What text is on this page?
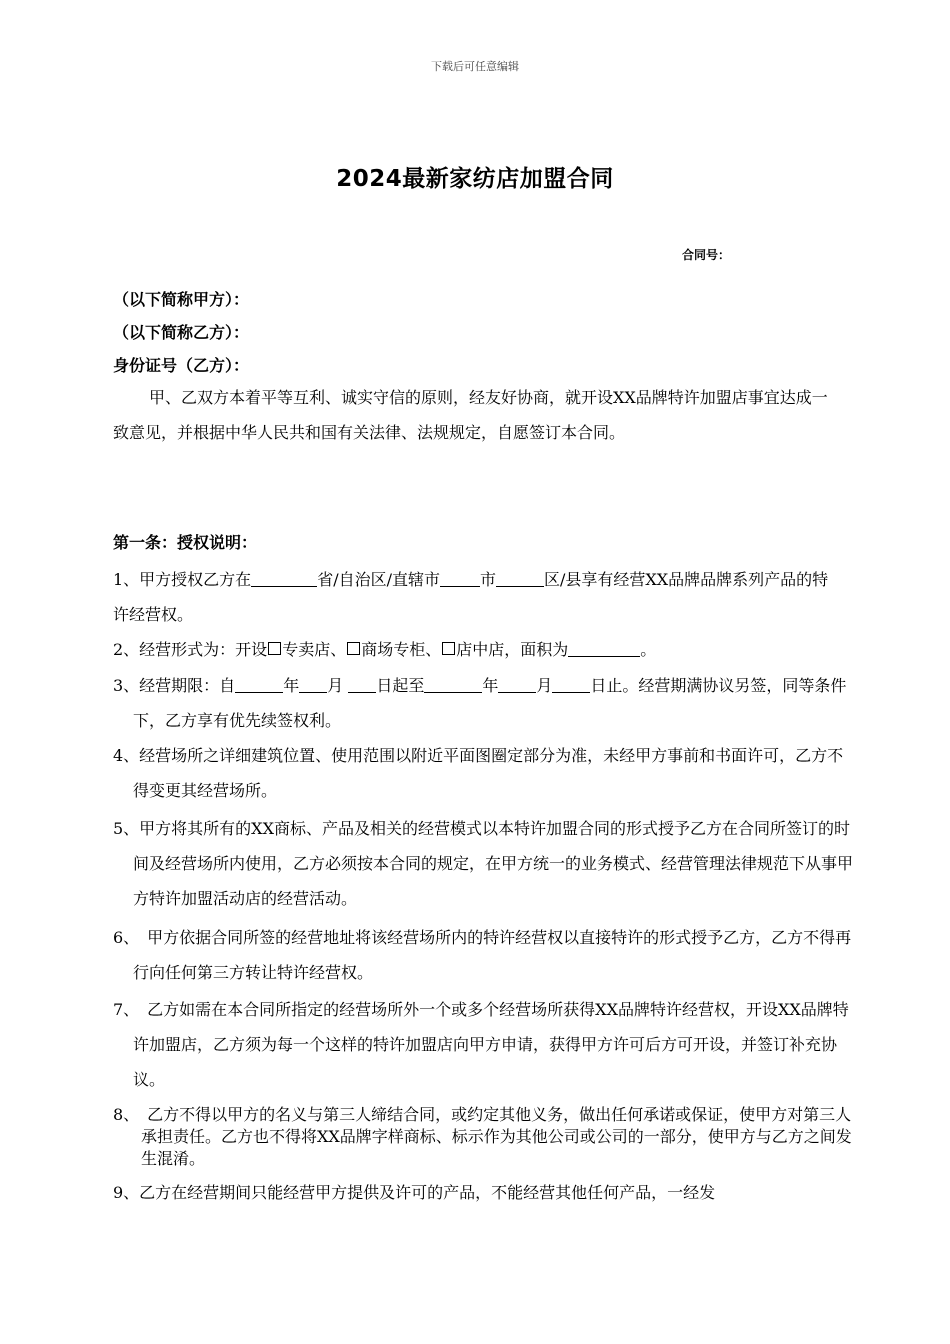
下载后可任意编辑
2024最新家纺店加盟合同
合同号：
（以下简称甲方）：
（以下简称乙方）：
身份证号（乙方）：
甲、乙双方本着平等互利、诚实守信的原则，经友好协商，就开设XX品牌特许加盟店事宜达成一致意见，并根据中华人民共和国有关法律、法规规定，自愿签订本合同。
第一条：授权说明：
1、甲方授权乙方在	省/自治区/直辖市	市	区/县享有经营XX品牌品牌系列产品的特许经营权。
2、经营形式为：开设 专卖店、 商场专柜、 店中店，面积为	。
3、经营期限：自	年 月 日起至	年 月 日止。经营期满协议另签，同等条件下，乙方享有优先续签权利。
4、经营场所之详细建筑位置、使用范围以附近平面图圈定部分为准，未经甲方事前和书面许可，乙方不得变更其经营场所。
5、甲方将其所有的XX商标、产品及相关的经营模式以本特许加盟合同的形式授予乙方在合同所签订的时间及经营场所内使用，乙方必须按本合同的规定，在甲方统一的业务模式、经营管理法律规范下从事甲方特许加盟活动店的经营活动。
6、　甲方依据合同所签的经营地址将该经营场所内的特许经营权以直接特许的形式授予乙方，乙方不得再行向任何第三方转让特许经营权。
7、　乙方如需在本合同所指定的经营场所外一个或多个经营场所获得XX品牌特许经营权，开设XX品牌特许加盟店，乙方须为每一个这样的特许加盟店向甲方申请，获得甲方许可后方可开设，并签订补充协议。
8、　乙方不得以甲方的名义与第三人缔结合同，或约定其他义务，做出任何承诺或保证，使甲方对第三人承担责任。乙方也不得将XX品牌字样商标、标示作为其他公司或公司的一部分，使甲方与乙方之间发生混淆。
9、乙方在经营期间只能经营甲方提供及许可的产品，不能经营其他任何产品，一经发
